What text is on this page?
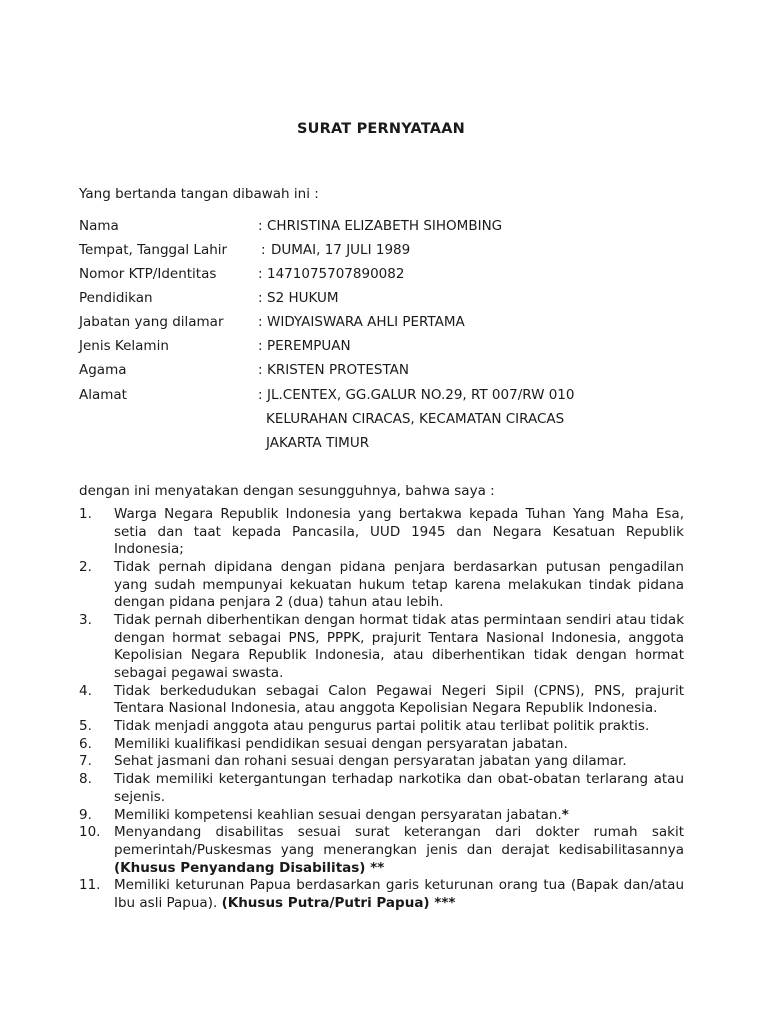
SURAT PERNYATAAN
Yang bertanda tangan dibawah ini :
Nama	: CHRISTINA ELIZABETH SIHOMBING
Tempat, Tanggal Lahir	: DUMAI, 17 JULI 1989
Nomor KTP/Identitas	: 1471075707890082
Pendidikan	: S2 HUKUM
Jabatan yang dilamar	: WIDYAISWARA AHLI PERTAMA
Jenis Kelamin	: PEREMPUAN
Agama	: KRISTEN PROTESTAN
Alamat	: JL.CENTEX, GG.GALUR NO.29, RT 007/RW 010
KELURAHAN CIRACAS, KECAMATAN CIRACAS
JAKARTA TIMUR
dengan ini menyatakan dengan sesungguhnya, bahwa saya :
1.	Warga Negara Republik Indonesia yang bertakwa kepada Tuhan Yang Maha Esa, setia dan taat kepada Pancasila, UUD 1945 dan Negara Kesatuan Republik Indonesia;
2.	Tidak pernah dipidana dengan pidana penjara berdasarkan putusan pengadilan yang sudah mempunyai kekuatan hukum tetap karena melakukan tindak pidana dengan pidana penjara 2 (dua) tahun atau lebih.
3.	Tidak pernah diberhentikan dengan hormat tidak atas permintaan sendiri atau tidak dengan hormat sebagai PNS, PPPK, prajurit Tentara Nasional Indonesia, anggota Kepolisian Negara Republik Indonesia, atau diberhentikan tidak dengan hormat sebagai pegawai swasta.
4.	Tidak berkedudukan sebagai Calon Pegawai Negeri Sipil (CPNS), PNS, prajurit Tentara Nasional Indonesia, atau anggota Kepolisian Negara Republik Indonesia.
5.	Tidak menjadi anggota atau pengurus partai politik atau terlibat politik praktis.
6.	Memiliki kualifikasi pendidikan sesuai dengan persyaratan jabatan.
7.	Sehat jasmani dan rohani sesuai dengan persyaratan jabatan yang dilamar.
8.	Tidak memiliki ketergantungan terhadap narkotika dan obat-obatan terlarang atau sejenis.
9.	Memiliki kompetensi keahlian sesuai dengan persyaratan jabatan.*
10.	Menyandang disabilitas sesuai surat keterangan dari dokter rumah sakit pemerintah/Puskesmas yang menerangkan jenis dan derajat kedisabilitasannya (Khusus Penyandang Disabilitas) **
11.	Memiliki keturunan Papua berdasarkan garis keturunan orang tua (Bapak dan/atau Ibu asli Papua). (Khusus Putra/Putri Papua) ***
